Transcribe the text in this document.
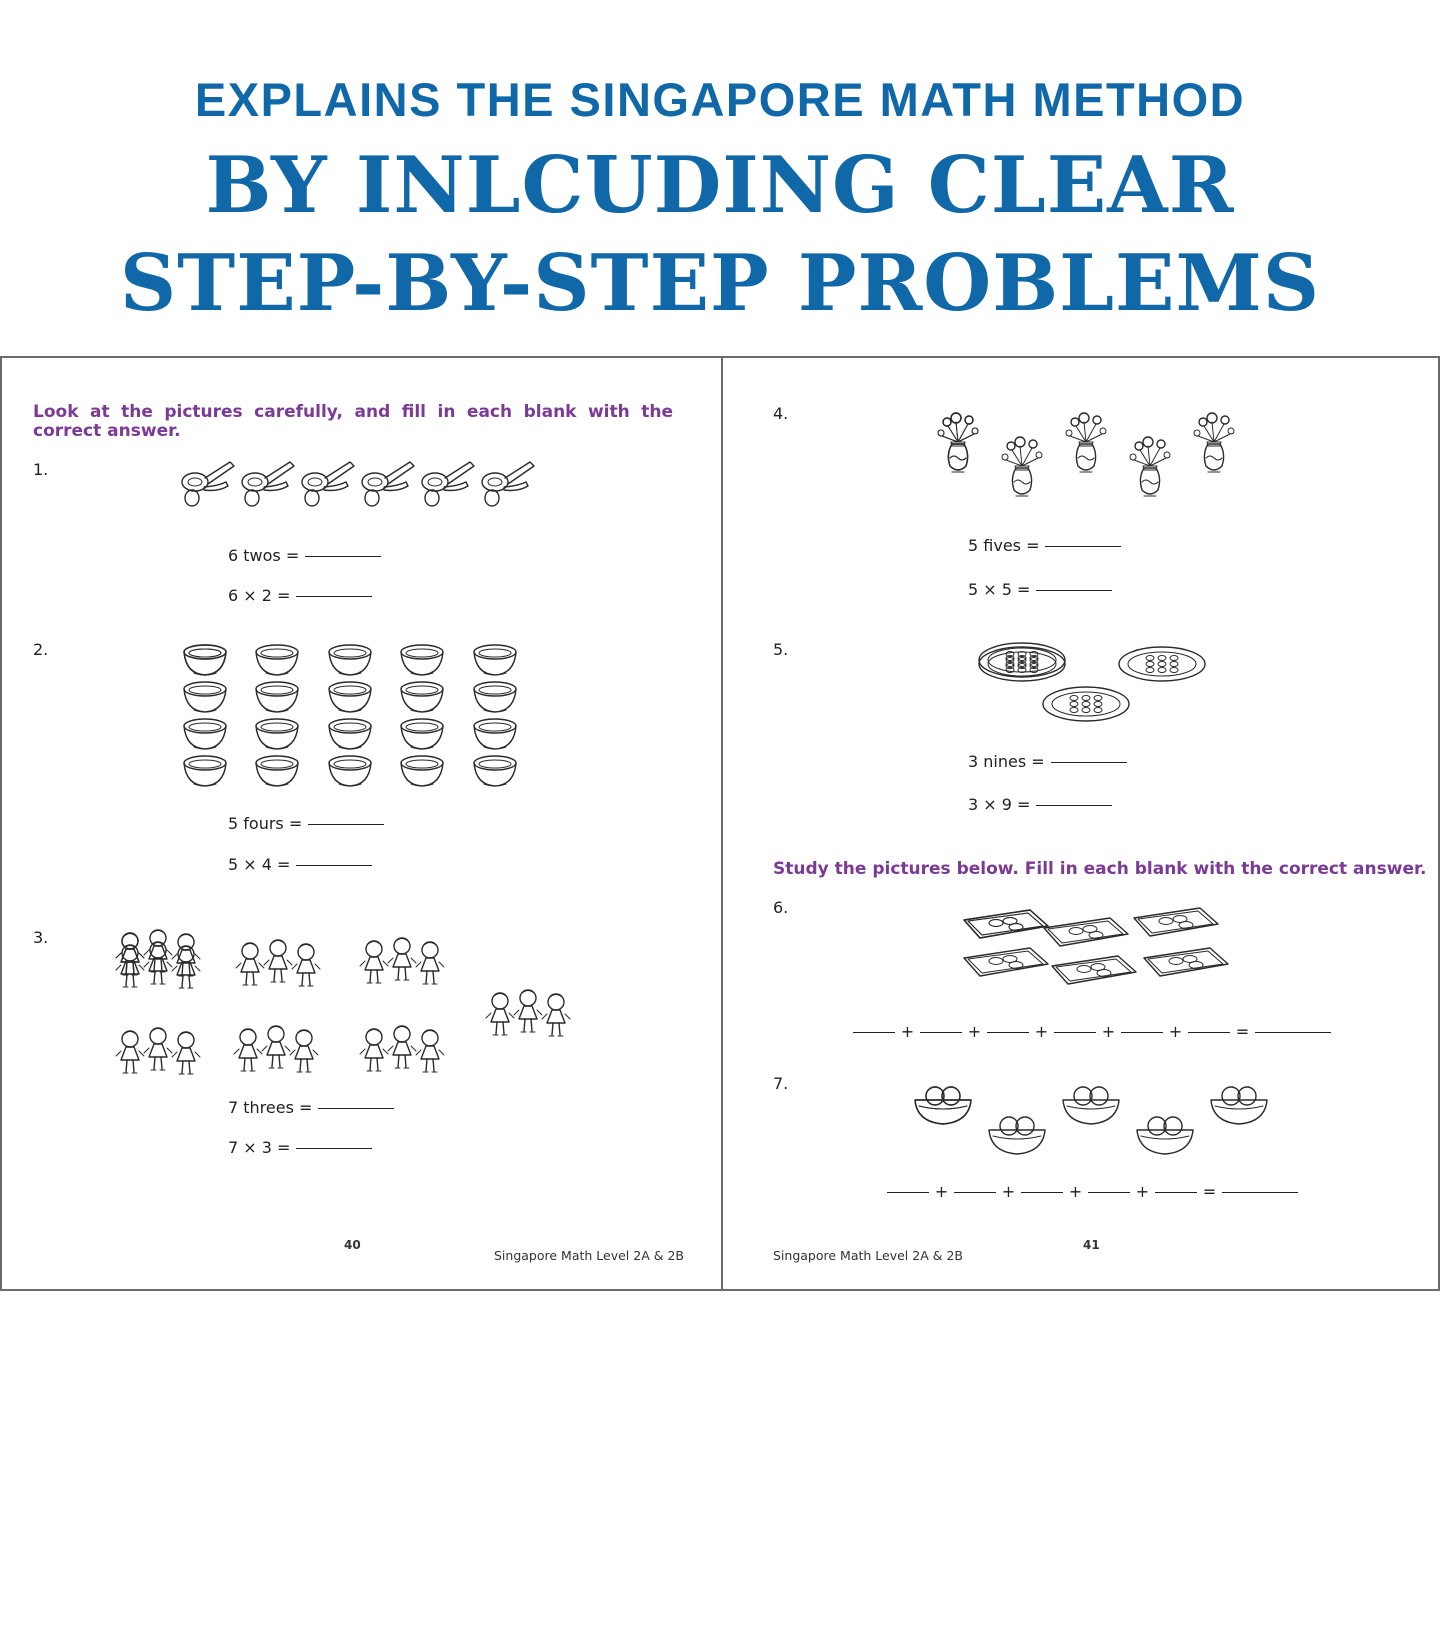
EXPLAINS THE SINGAPORE MATH METHOD
BY INLCUDING CLEAR
STEP-BY-STEP PROBLEMS
Look at the pictures carefully, and fill in each blank with the correct answer.
1.
6 twos =
6 × 2 =
2.
5 fours =
5 × 4 =
3.
7 threes =
7 × 3 =
40
Singapore Math Level 2A & 2B
4.
5 fives =
5 × 5 =
5.
3 nines =
3 × 9 =
Study the pictures below. Fill in each blank with the correct answer.
6.
+	+	+	+	+	=
7.
+	+	+	+	=
Singapore Math Level 2A & 2B
41
